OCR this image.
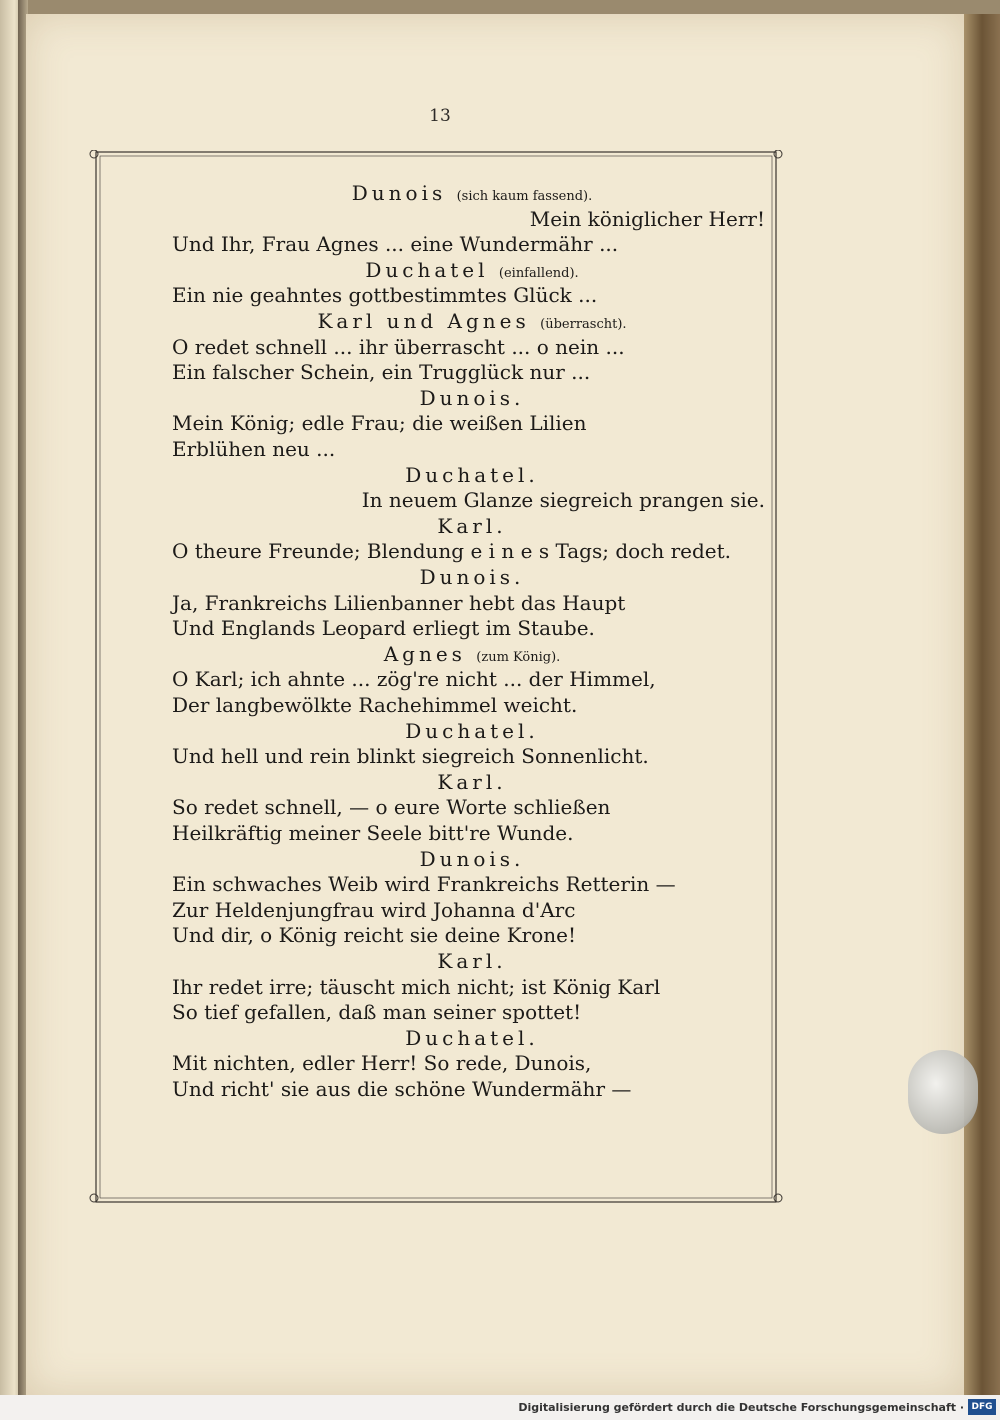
13
Dunois (sich kaum fassend).
Mein königlicher Herr!
Und Ihr, Frau Agnes ... eine Wundermähr ...
Duchatel (einfallend).
Ein nie geahntes gottbestimmtes Glück ...
Karl und Agnes (überrascht).
O redet schnell ... ihr überrascht ... o nein ...
Ein falscher Schein, ein Trugglück nur ...
Dunois.
Mein König; edle Frau; die weißen Lilien
Erblühen neu ...
Duchatel.
In neuem Glanze siegreich prangen sie.
Karl.
O theure Freunde; Blendung e i n e s Tags; doch redet.
Dunois.
Ja, Frankreichs Lilienbanner hebt das Haupt
Und Englands Leopard erliegt im Staube.
Agnes (zum König).
O Karl; ich ahnte ... zög're nicht ... der Himmel,
Der langbewölkte Rachehimmel weicht.
Duchatel.
Und hell und rein blinkt siegreich Sonnenlicht.
Karl.
So redet schnell, — o eure Worte schließen
Heilkräftig meiner Seele bitt're Wunde.
Dunois.
Ein schwaches Weib wird Frankreichs Retterin —
Zur Heldenjungfrau wird Johanna d'Arc
Und dir, o König reicht sie deine Krone!
Karl.
Ihr redet irre; täuscht mich nicht; ist König Karl
So tief gefallen, daß man seiner spottet!
Duchatel.
Mit nichten, edler Herr! So rede, Dunois,
Und richt' sie aus die schöne Wundermähr —
Digitalisierung gefördert durch die Deutsche Forschungsgemeinschaft · DFG
